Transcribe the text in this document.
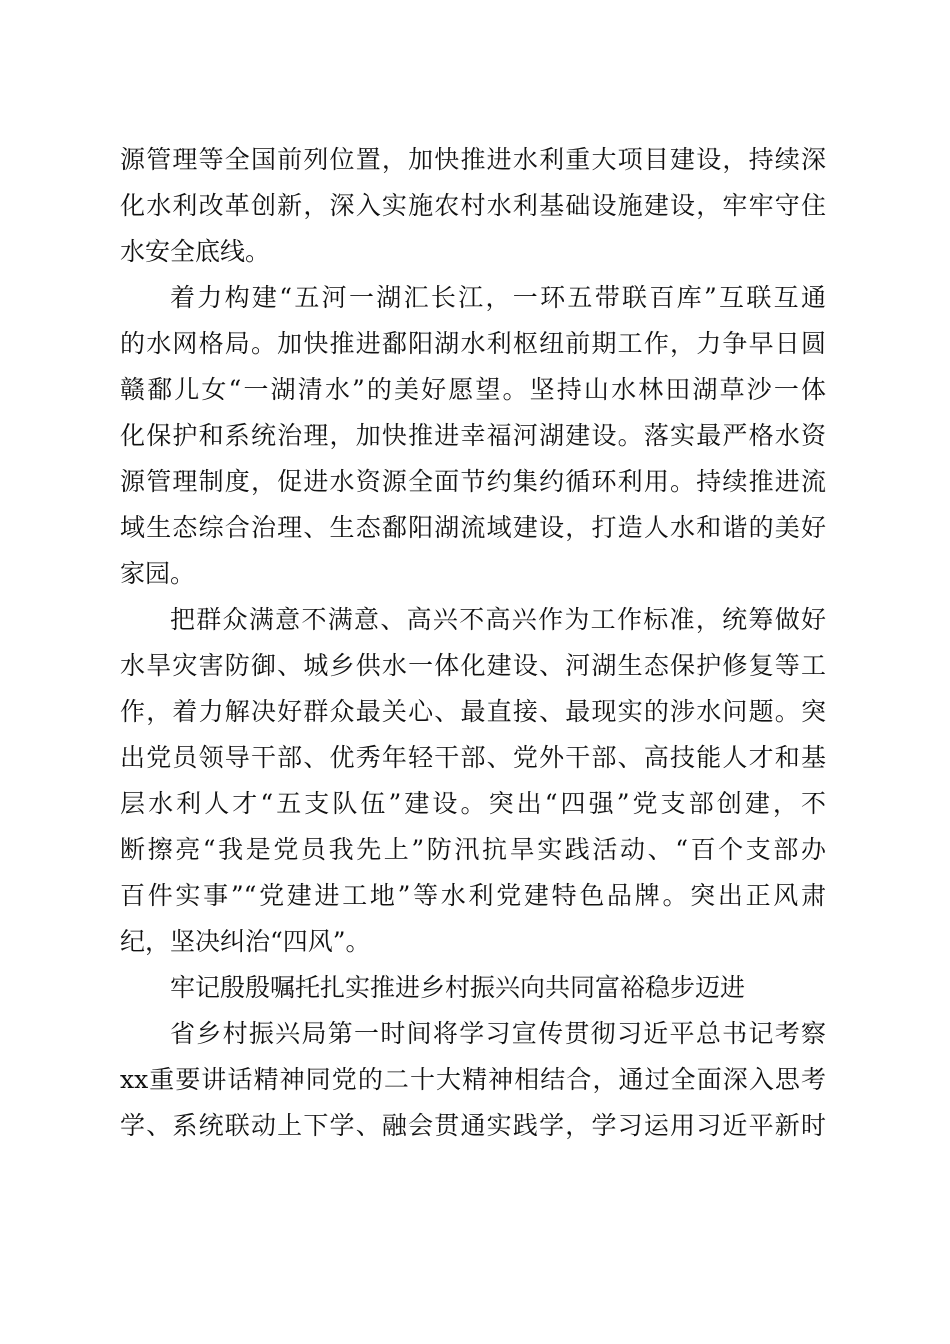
源管理等全国前列位置，加快推进水利重大项目建设，持续深
化水利改革创新，深入实施农村水利基础设施建设，牢牢守住
水安全底线。
着力构建“五河一湖汇长江，一环五带联百库”互联互通
的水网格局。加快推进鄱阳湖水利枢纽前期工作，力争早日圆
赣鄱儿女“一湖清水”的美好愿望。坚持山水林田湖草沙一体
化保护和系统治理，加快推进幸福河湖建设。落实最严格水资
源管理制度，促进水资源全面节约集约循环利用。持续推进流
域生态综合治理、生态鄱阳湖流域建设，打造人水和谐的美好
家园。
把群众满意不满意、高兴不高兴作为工作标准，统筹做好
水旱灾害防御、城乡供水一体化建设、河湖生态保护修复等工
作，着力解决好群众最关心、最直接、最现实的涉水问题。突
出党员领导干部、优秀年轻干部、党外干部、高技能人才和基
层水利人才“五支队伍”建设。突出“四强”党支部创建，不
断擦亮“我是党员我先上”防汛抗旱实践活动、“百个支部办
百件实事”“党建进工地”等水利党建特色品牌。突出正风肃
纪，坚决纠治“四风”。
牢记殷殷嘱托扎实推进乡村振兴向共同富裕稳步迈进
省乡村振兴局第一时间将学习宣传贯彻习近平总书记考察
xx重要讲话精神同党的二十大精神相结合，通过全面深入思考
学、系统联动上下学、融会贯通实践学，学习运用习近平新时
